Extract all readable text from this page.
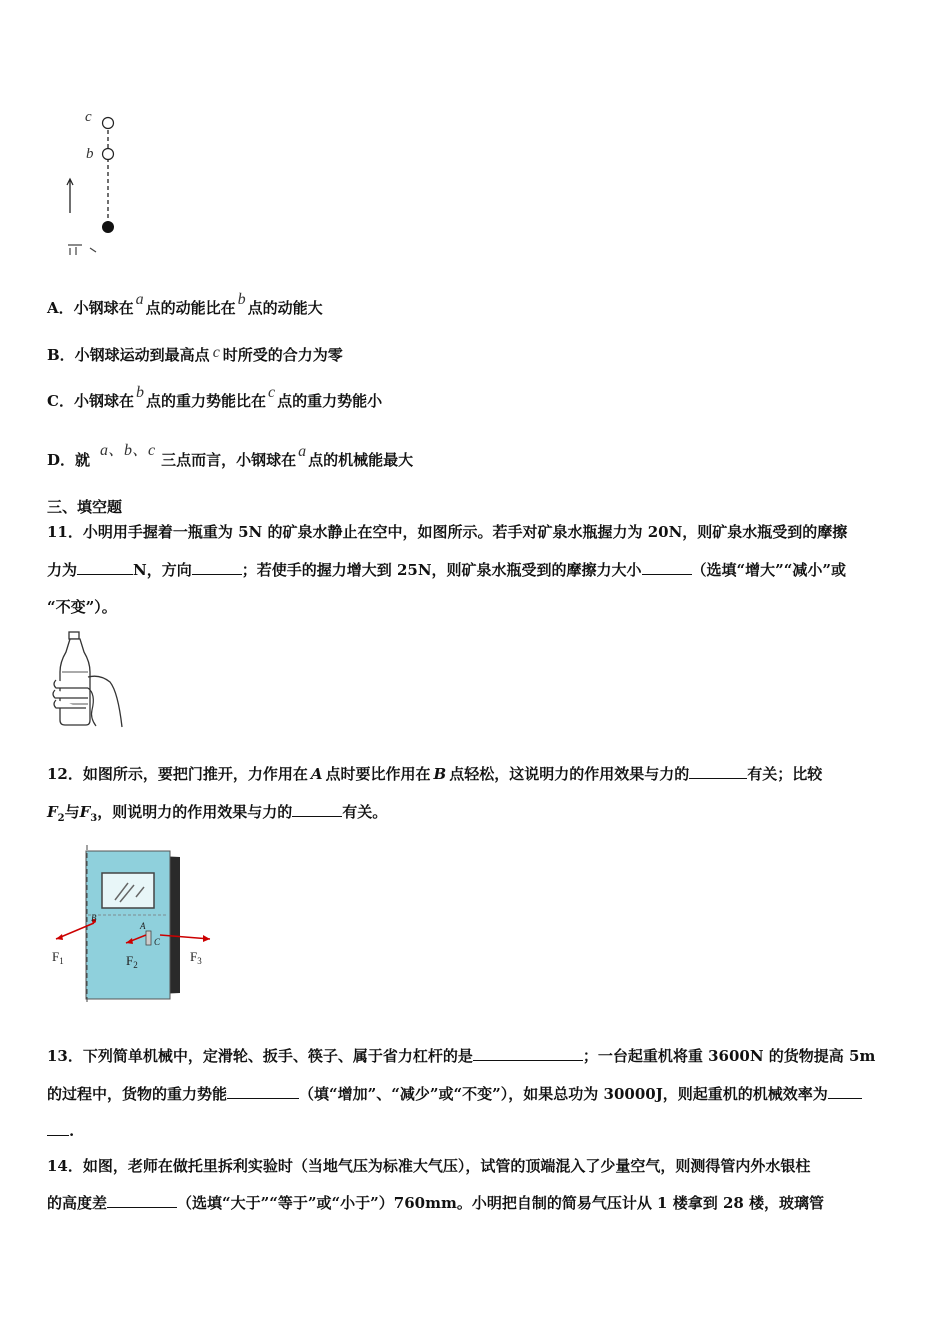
c
b
A．小钢球在 a 点的动能比在 b 点的动能大
B．小钢球运动到最高点 c 时所受的合力为零
C．小钢球在 b 点的重力势能比在 c 点的重力势能小
D．就a、b、c三点而言，小钢球在 a 点的机械能最大
三、填空题
11．小明用手握着一瓶重为 5N 的矿泉水静止在空中，如图所示。若手对矿泉水瓶握力为 20N，则矿泉水瓶受到的摩擦
力为	N，方向	；若使手的握力增大到 25N，则矿泉水瓶受到的摩擦力大小	（选填“增大”“减小”或
“不变”）。
12．如图所示，要把门推开，力作用在 A 点时要比作用在 B 点轻松，这说明力的作用效果与力的	有关；比较
$F_2$与$F_3$，则说明力的作用效果与力的	有关。
B
A
C
$F_1$	$F_2$
$F_3$
13．下列简单机械中，定滑轮、扳手、筷子、属于省力杠杆的是	；一台起重机将重 3600N 的货物提高 5m
的过程中，货物的重力势能	（填“增加”、“减少”或“不变”），如果总功为 30000J，则起重机的机械效率为
.
14．如图，老师在做托里拆利实验时（当地气压为标准大气压），试管的顶端混入了少量空气，则测得管内外水银柱
的高度差	（选填“大于”“等于”或“小于”）760mm。小明把自制的简易气压计从 1 楼拿到 28 楼，玻璃管
